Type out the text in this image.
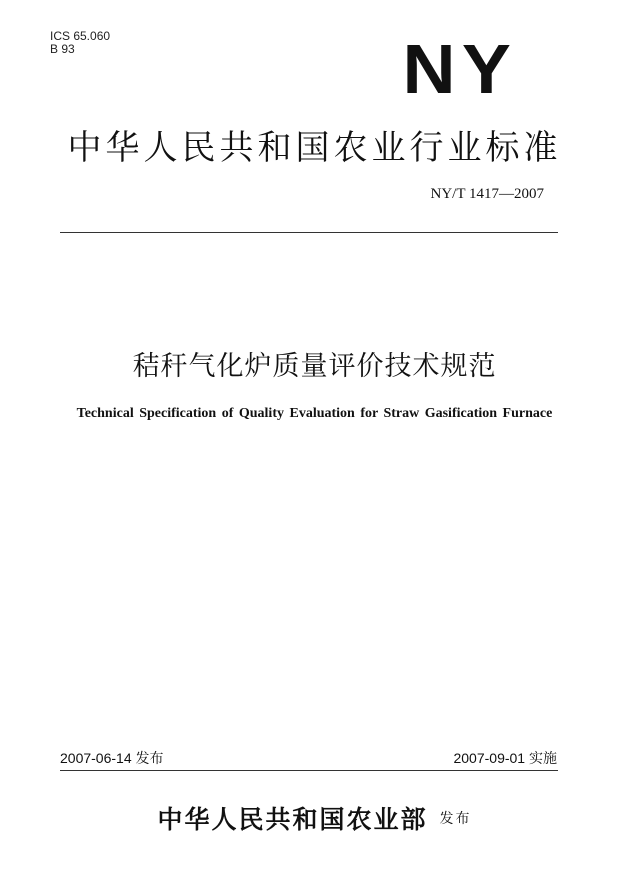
ICS 65.060
B 93	NY
中华人民共和国农业行业标准
NY/T 1417—2007
秸秆气化炉质量评价技术规范
Technical Specification of Quality Evaluation for Straw Gasification Furnace
2007-06-14 发布	2007-09-01 实施
中华人民共和国农业部 发布
